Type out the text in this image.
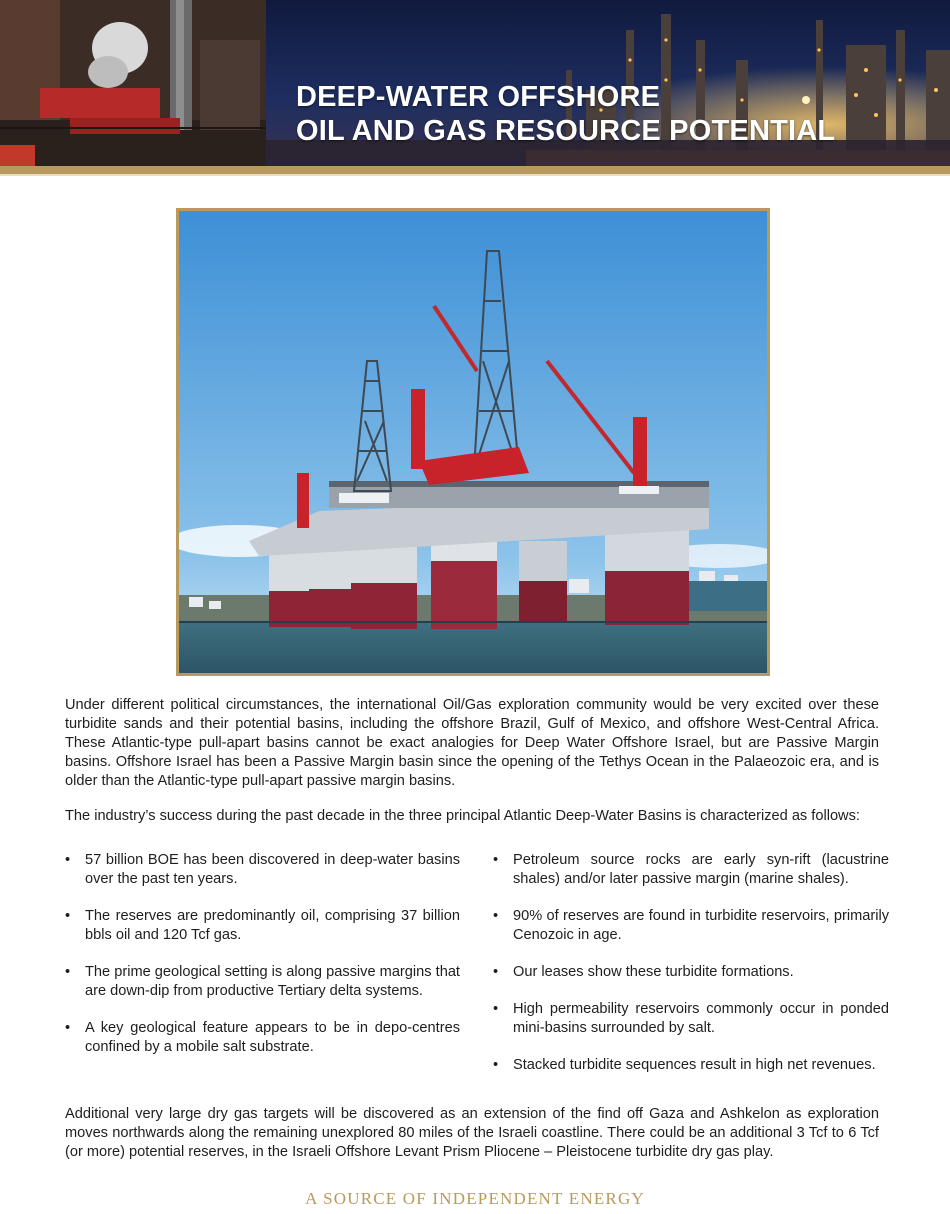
DEEP-WATER OFFSHORE
OIL AND GAS RESOURCE POTENTIAL

Under different political circumstances, the international Oil/Gas exploration community would be very excited over these turbidite sands and their potential basins, including the offshore Brazil, Gulf of Mexico, and offshore West-Central Africa. These Atlantic-type pull-apart basins cannot be exact analogies for Deep Water Offshore Israel, but are Passive Margin basins. Offshore Israel has been a Passive Margin basin since the opening of the Tethys Ocean in the Palaeozoic era, and is older than the Atlantic-type pull-apart passive margin basins.

The industry’s success during the past decade in the three principal Atlantic Deep-Water Basins is characterized as follows:

•	57 billion BOE has been discovered in deep-water basins over the past ten years.
•	The reserves are predominantly oil, comprising 37 billion bbls oil and 120 Tcf gas.
•	The prime geological setting is along passive margins that are down-dip from productive Tertiary delta systems.
•	A key geological feature appears to be in depo-centres confined by a mobile salt substrate.
•	Petroleum source rocks are early syn-rift (lacustrine shales) and/or later passive margin (marine shales).
•	90% of reserves are found in turbidite reservoirs, primarily Cenozoic in age.
•	Our leases show these turbidite formations.
•	High permeability reservoirs commonly occur in ponded mini-basins surrounded by salt.
•	Stacked turbidite sequences result in high net revenues.

Additional very large dry gas targets will be discovered as an extension of the find off Gaza and Ashkelon as exploration moves northwards along the remaining unexplored 80 miles of the Israeli coastline. There could be an additional 3 Tcf to 6 Tcf (or more) potential reserves, in the Israeli Offshore Levant Prism Pliocene – Pleistocene turbidite dry gas play.

A SOURCE OF INDEPENDENT ENERGY
